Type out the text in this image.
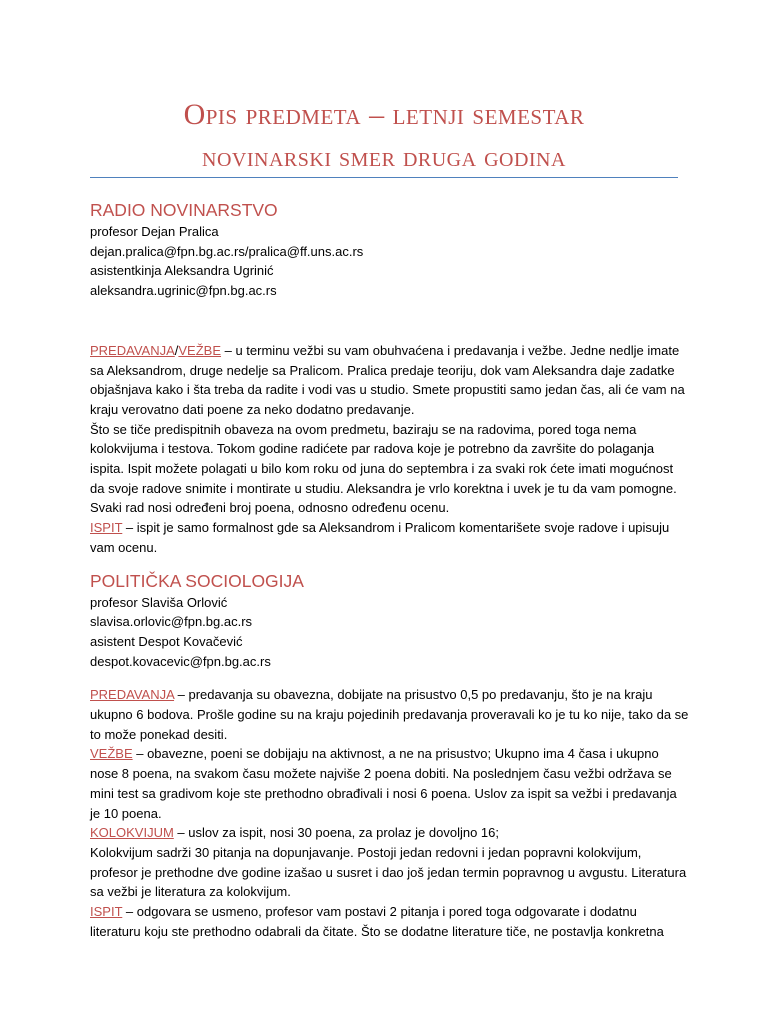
Opis predmeta – letnji semestar
novinarski smer druga godina
RADIO NOVINARSTVO

profesor Dejan Pralica

dejan.pralica@fpn.bg.ac.rs/pralica@ff.uns.ac.rs

asistentkinja Aleksandra Ugrinić

aleksandra.ugrinic@fpn.bg.ac.rs

PREDAVANJA/VEŽBE – u terminu vežbi su vam obuhvaćena i predavanja i vežbe. Jedne nedlje imate sa Aleksandrom, druge nedelje sa Pralicom. Pralica predaje teoriju, dok vam Aleksandra daje zadatke objašnjava kako i šta treba da radite i vodi vas u studio. Smete propustiti samo jedan čas, ali će vam na kraju verovatno dati poene za neko dodatno predavanje.

Što se tiče predispitnih obaveza na ovom predmetu, baziraju se na radovima, pored toga nema kolokvijuma i testova. Tokom godine radićete par radova koje je potrebno da završite do polaganja ispita. Ispit možete polagati u bilo kom roku od juna do septembra i za svaki rok ćete imati mogućnost da svoje radove snimite i montirate u studiu. Aleksandra je vrlo korektna i uvek je tu da vam pomogne. Svaki rad nosi određeni broj poena, odnosno određenu ocenu.

ISPIT – ispit je samo formalnost gde sa Aleksandrom i Pralicom komentarišete svoje radove i upisuju vam ocenu.

POLITIČKA SOCIOLOGIJA

profesor Slaviša Orlović

slavisa.orlovic@fpn.bg.ac.rs

asistent Despot Kovačević

despot.kovacevic@fpn.bg.ac.rs

PREDAVANJA – predavanja su obavezna, dobijate na prisustvo 0,5 po predavanju, što je na kraju ukupno 6 bodova. Prošle godine su na kraju pojedinih predavanja proveravali ko je tu ko nije, tako da se to može ponekad desiti.

VEŽBE – obavezne, poeni se dobijaju na aktivnost, a ne na prisustvo; Ukupno ima 4 časa i ukupno nose 8 poena, na svakom času možete najviše 2 poena dobiti. Na poslednjem času vežbi održava se mini test sa gradivom koje ste prethodno obrađivali i nosi 6 poena. Uslov za ispit sa vežbi i predavanja je 10 poena.

KOLOKVIJUM – uslov za ispit, nosi 30 poena, za prolaz je dovoljno 16;

Kolokvijum sadrži 30 pitanja na dopunjavanje. Postoji jedan redovni i jedan popravni kolokvijum, profesor je prethodne dve godine izašao u susret i dao još jedan termin popravnog u avgustu. Literatura sa vežbi je literatura za kolokvijum.

ISPIT – odgovara se usmeno, profesor vam postavi 2 pitanja i pored toga odgovarate i dodatnu literaturu koju ste prethodno odabrali da čitate. Što se dodatne literature tiče, ne postavlja konkretna
